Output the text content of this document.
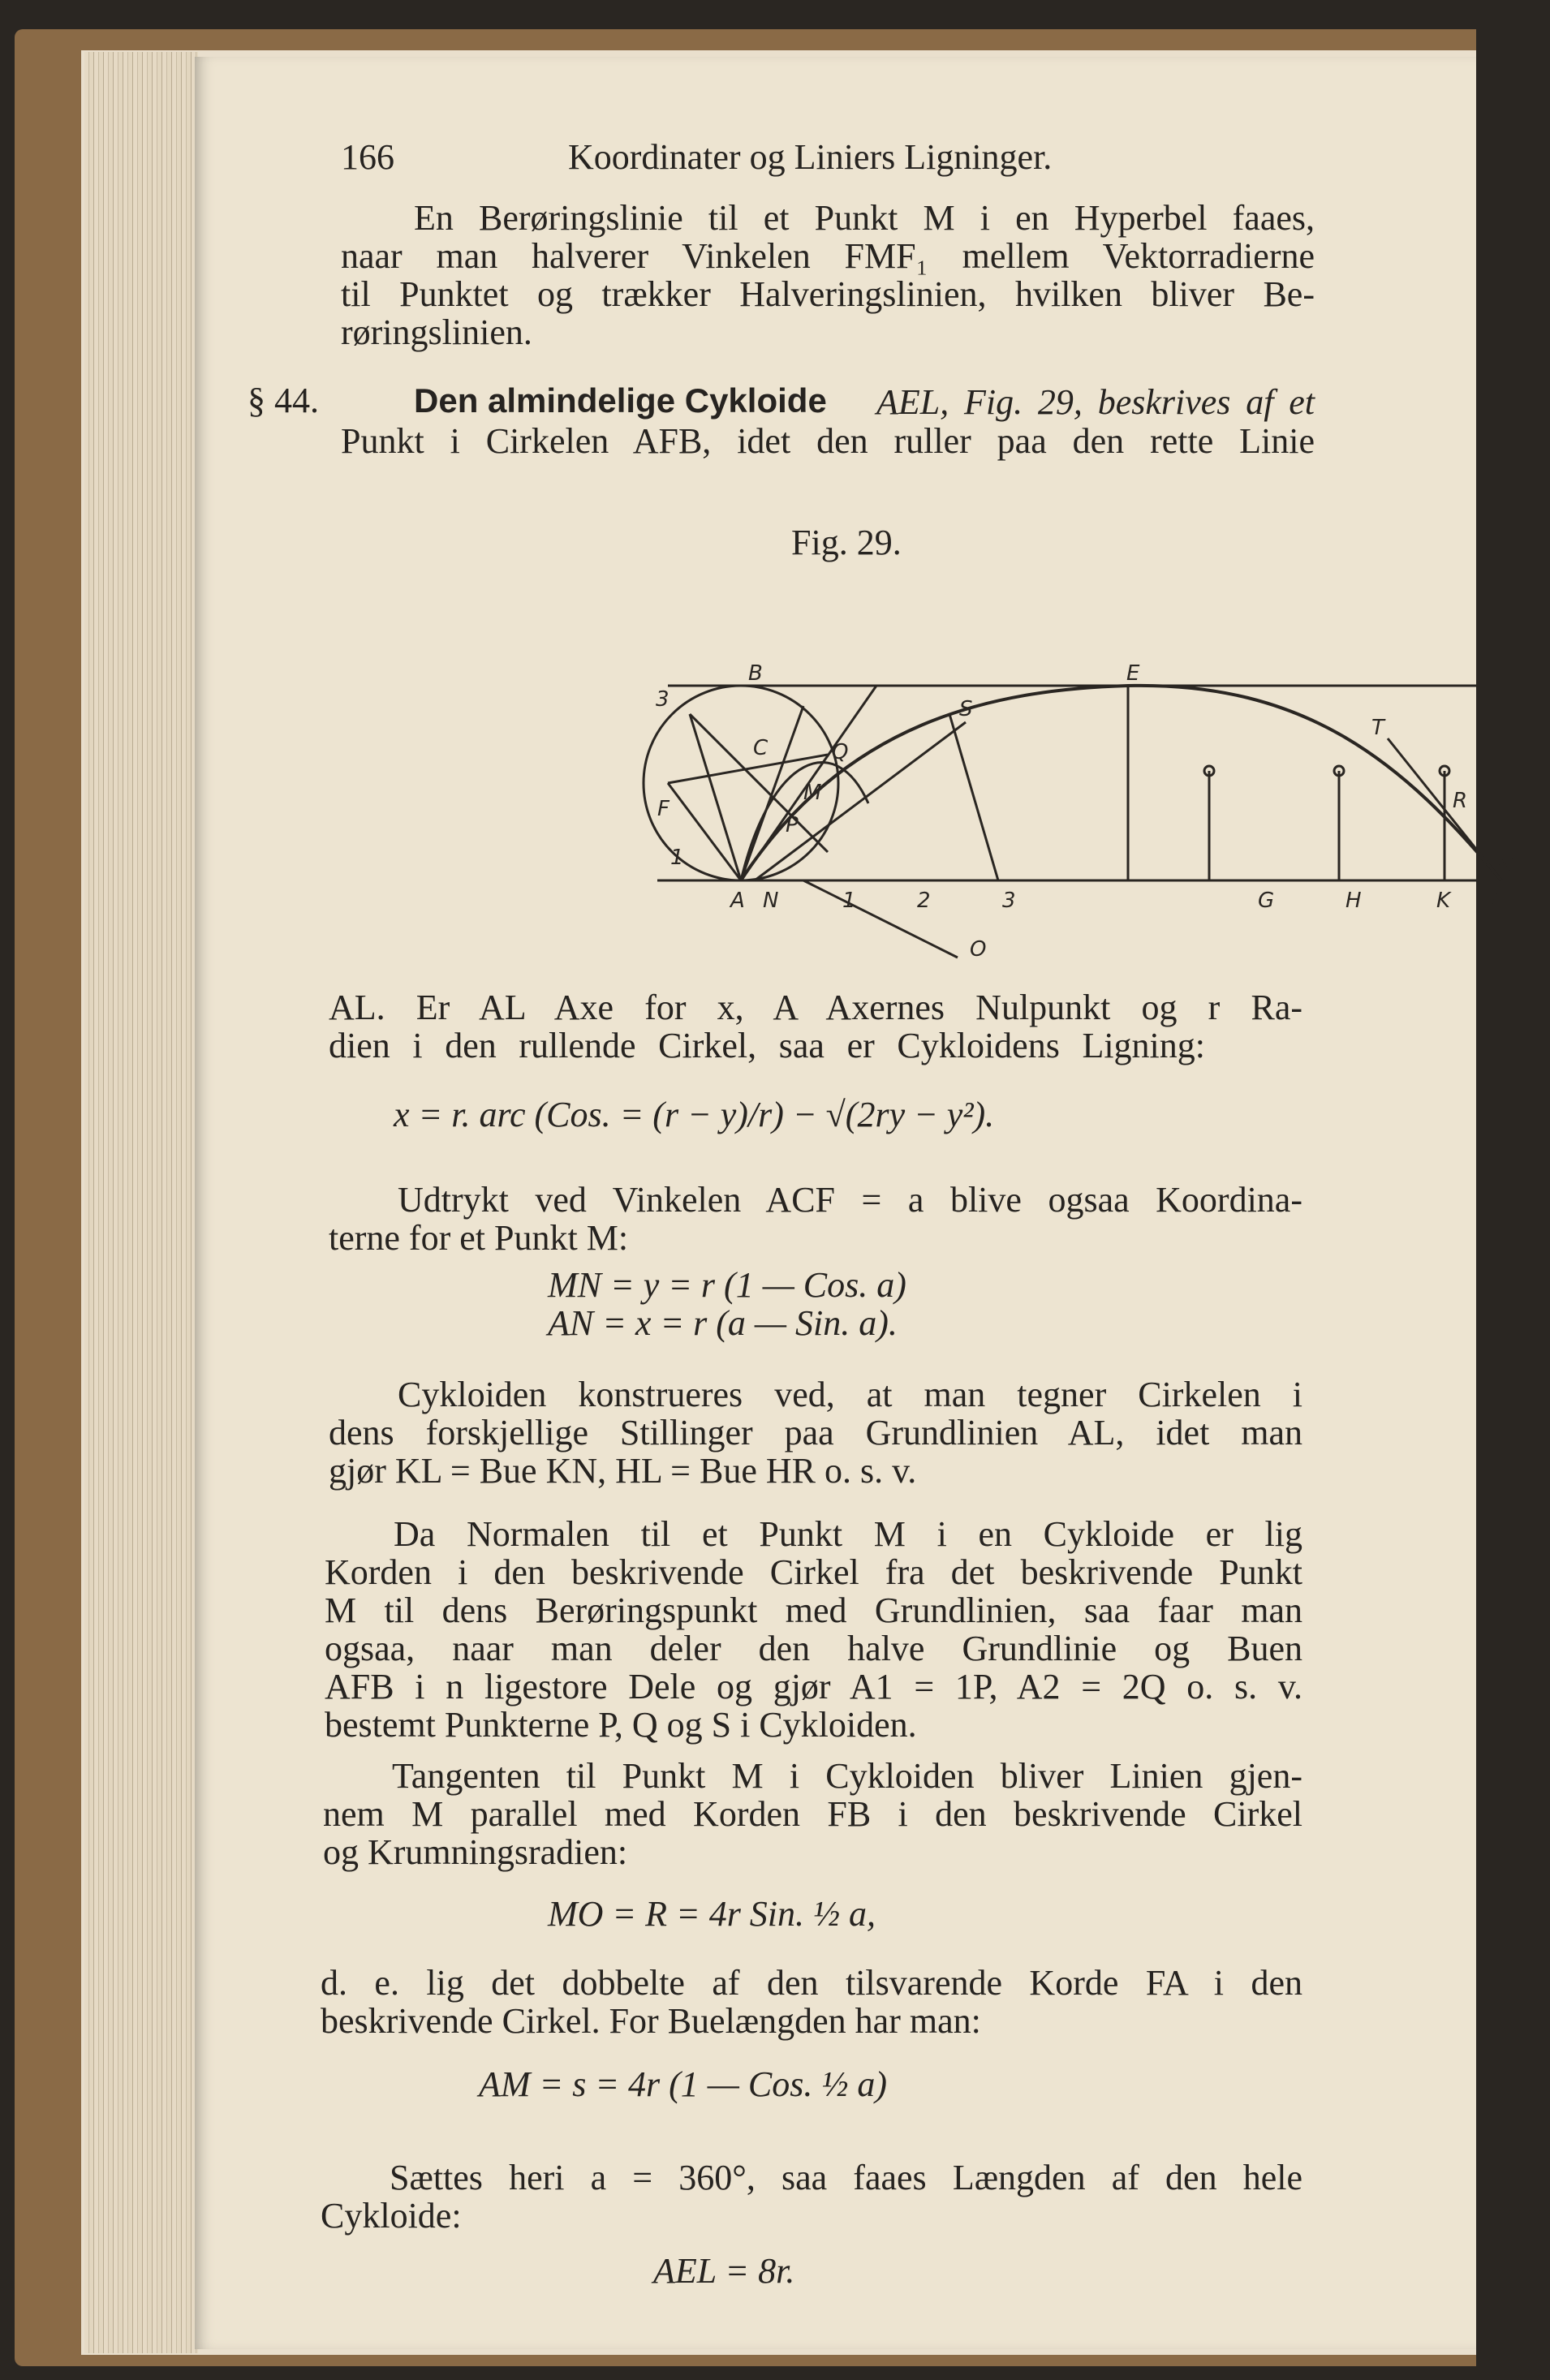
166	Koordinater og Liniers Ligninger.

En Berøringslinie til et Punkt M i en Hyperbel faaes,

naar man halverer Vinkelen FMF₁ mellem Vektorradierne

til Punktet og trækker Halveringslinien, hvilken bliver Be-

røringslinien.

§ 44.	Den almindelige Cykloide AEL, Fig. 29, beskrives af et

Punkt i Cirkelen AFB, idet den ruller paa den rette Linie

Fig. 29.

B	E
S
T
R
N
L
K
H
G
3
1
N
A
O
C	Q
M
P
F
1	2	3

AL. Er AL Axe for x, A Axernes Nulpunkt og r Ra-

dien i den rullende Cirkel, saa er Cykloidens Ligning:

x = r. arc (Cos. = (r − y)/r) − √(2ry − y²).

Udtrykt ved Vinkelen ACF = a blive ogsaa Koordina-

terne for et Punkt M:

MN = y = r (1 — Cos. a)

AN = x = r (a — Sin. a).

Cykloiden konstrueres ved, at man tegner Cirkelen i

dens forskjellige Stillinger paa Grundlinien AL, idet man

gjør KL = Bue KN, HL = Bue HR o. s. v.

Da Normalen til et Punkt M i en Cykloide er lig

Korden i den beskrivende Cirkel fra det beskrivende Punkt

M til dens Berøringspunkt med Grundlinien, saa faar man

ogsaa, naar man deler den halve Grundlinie og Buen

AFB i n ligestore Dele og gjør A1 = 1P, A2 = 2Q o. s. v.

bestemt Punkterne P, Q og S i Cykloiden.

Tangenten til Punkt M i Cykloiden bliver Linien gjen-

nem M parallel med Korden FB i den beskrivende Cirkel

og Krumningsradien:

MO = R = 4r Sin. ½ a,

d. e. lig det dobbelte af den tilsvarende Korde FA i den

beskrivende Cirkel. For Buelængden har man:

AM = s = 4r (1 — Cos. ½ a)

Sættes heri a = 360°, saa faaes Længden af den hele

Cykloide:

AEL = 8r.
